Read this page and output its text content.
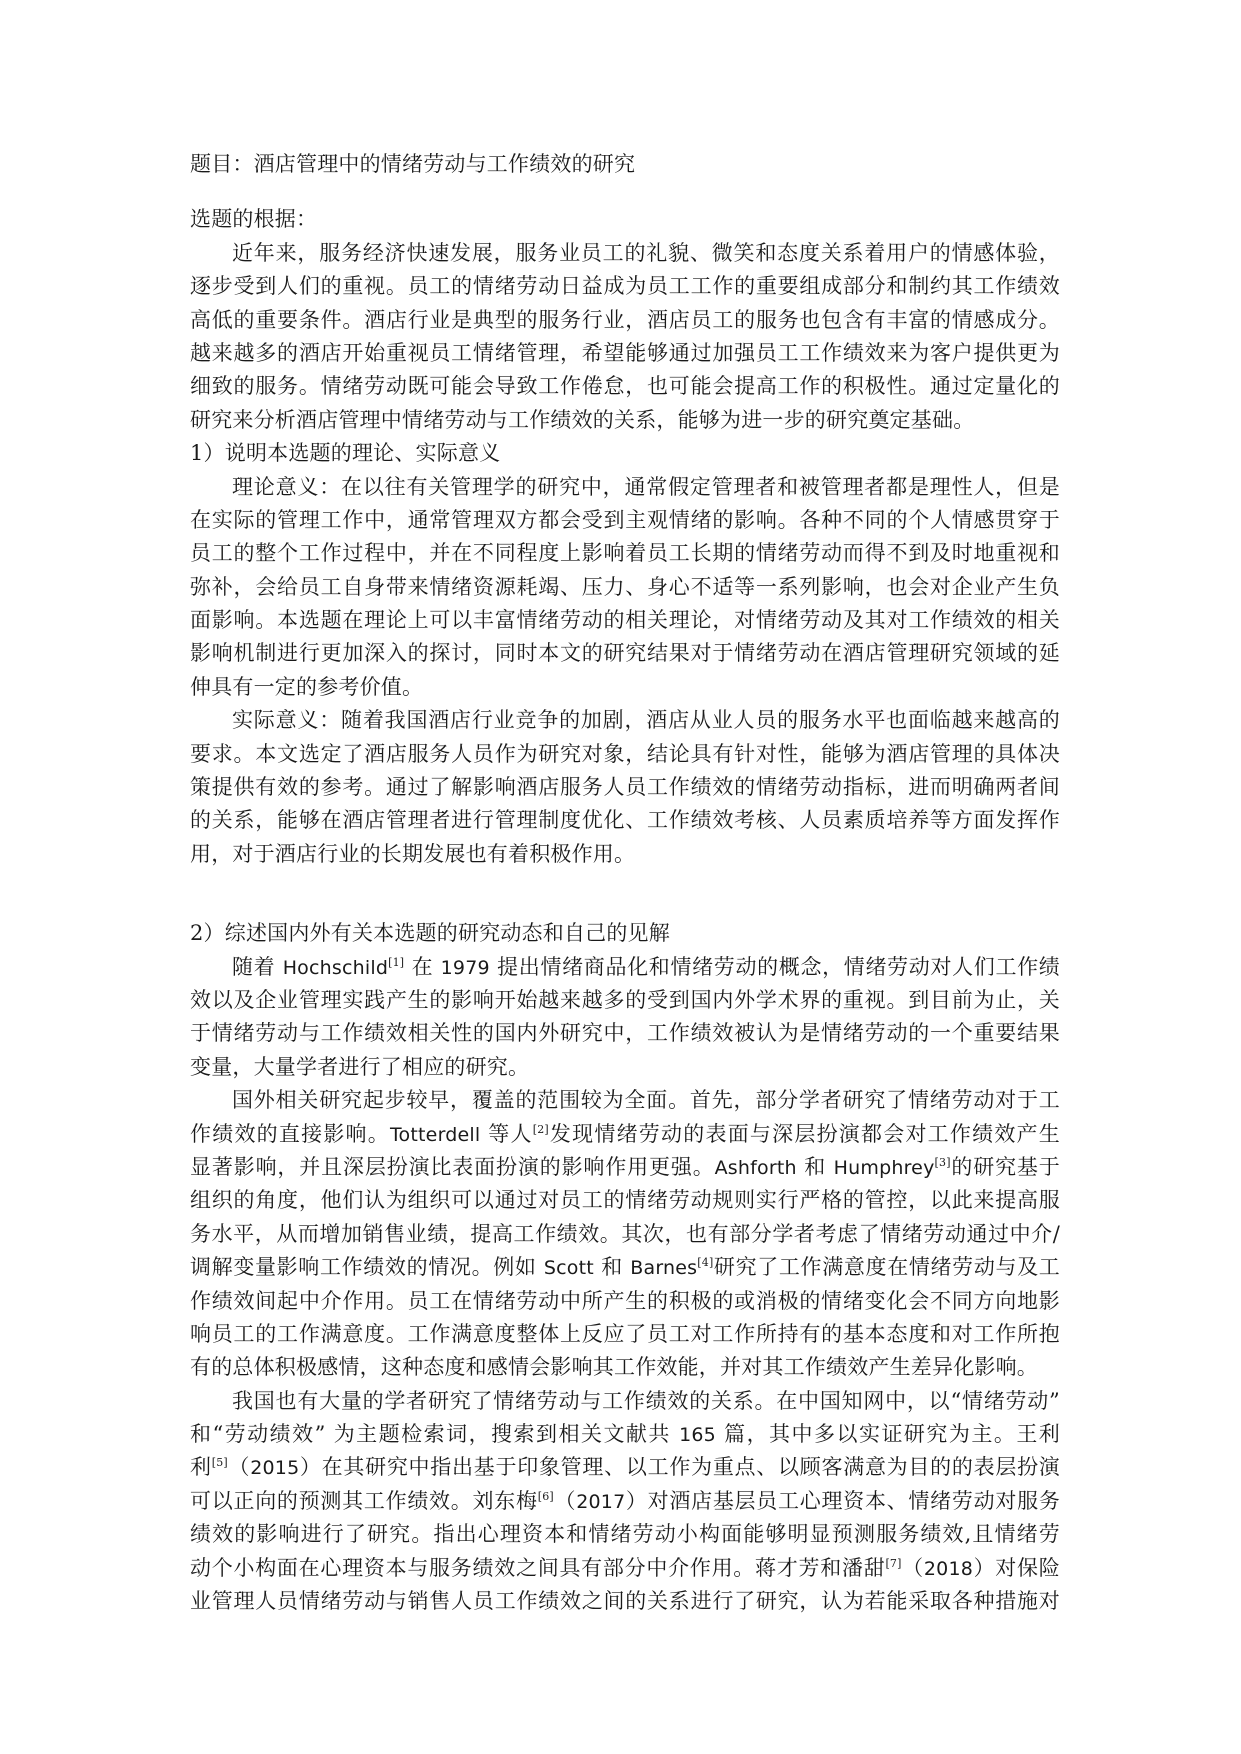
题目：酒店管理中的情绪劳动与工作绩效的研究
选题的根据：
近年来，服务经济快速发展，服务业员工的礼貌、微笑和态度关系着用户的情感体验，
逐步受到人们的重视。员工的情绪劳动日益成为员工工作的重要组成部分和制约其工作绩效
高低的重要条件。酒店行业是典型的服务行业，酒店员工的服务也包含有丰富的情感成分。
越来越多的酒店开始重视员工情绪管理，希望能够通过加强员工工作绩效来为客户提供更为
细致的服务。情绪劳动既可能会导致工作倦怠，也可能会提高工作的积极性。通过定量化的
研究来分析酒店管理中情绪劳动与工作绩效的关系，能够为进一步的研究奠定基础。
1）说明本选题的理论、实际意义
理论意义：在以往有关管理学的研究中，通常假定管理者和被管理者都是理性人，但是
在实际的管理工作中，通常管理双方都会受到主观情绪的影响。各种不同的个人情感贯穿于
员工的整个工作过程中，并在不同程度上影响着员工长期的情绪劳动而得不到及时地重视和
弥补，会给员工自身带来情绪资源耗竭、压力、身心不适等一系列影响，也会对企业产生负
面影响。本选题在理论上可以丰富情绪劳动的相关理论，对情绪劳动及其对工作绩效的相关
影响机制进行更加深入的探讨，同时本文的研究结果对于情绪劳动在酒店管理研究领域的延
伸具有一定的参考价值。
实际意义：随着我国酒店行业竞争的加剧，酒店从业人员的服务水平也面临越来越高的
要求。本文选定了酒店服务人员作为研究对象，结论具有针对性，能够为酒店管理的具体决
策提供有效的参考。通过了解影响酒店服务人员工作绩效的情绪劳动指标，进而明确两者间
的关系，能够在酒店管理者进行管理制度优化、工作绩效考核、人员素质培养等方面发挥作
用，对于酒店行业的长期发展也有着积极作用。
2）综述国内外有关本选题的研究动态和自己的见解
随着 Hochschild[1] 在 1979 提出情绪商品化和情绪劳动的概念，情绪劳动对人们工作绩
效以及企业管理实践产生的影响开始越来越多的受到国内外学术界的重视。到目前为止，关
于情绪劳动与工作绩效相关性的国内外研究中，工作绩效被认为是情绪劳动的一个重要结果
变量，大量学者进行了相应的研究。
国外相关研究起步较早，覆盖的范围较为全面。首先，部分学者研究了情绪劳动对于工
作绩效的直接影响。Totterdell 等人[2]发现情绪劳动的表面与深层扮演都会对工作绩效产生
显著影响，并且深层扮演比表面扮演的影响作用更强。Ashforth 和 Humphrey[3]的研究基于
组织的角度，他们认为组织可以通过对员工的情绪劳动规则实行严格的管控，以此来提高服
务水平，从而增加销售业绩，提高工作绩效。其次，也有部分学者考虑了情绪劳动通过中介/
调解变量影响工作绩效的情况。例如 Scott 和 Barnes[4]研究了工作满意度在情绪劳动与及工
作绩效间起中介作用。员工在情绪劳动中所产生的积极的或消极的情绪变化会不同方向地影
响员工的工作满意度。工作满意度整体上反应了员工对工作所持有的基本态度和对工作所抱
有的总体积极感情，这种态度和感情会影响其工作效能，并对其工作绩效产生差异化影响。
我国也有大量的学者研究了情绪劳动与工作绩效的关系。在中国知网中，以“情绪劳动”
和“劳动绩效” 为主题检索词，搜索到相关文献共 165 篇，其中多以实证研究为主。王利
利[5]（2015）在其研究中指出基于印象管理、以工作为重点、以顾客满意为目的的表层扮演
可以正向的预测其工作绩效。刘东梅[6]（2017）对酒店基层员工心理资本、情绪劳动对服务
绩效的影响进行了研究。指出心理资本和情绪劳动小构面能够明显预测服务绩效,且情绪劳
动个小构面在心理资本与服务绩效之间具有部分中介作用。蒋才芳和潘甜[7]（2018）对保险
业管理人员情绪劳动与销售人员工作绩效之间的关系进行了研究，认为若能采取各种措施对
